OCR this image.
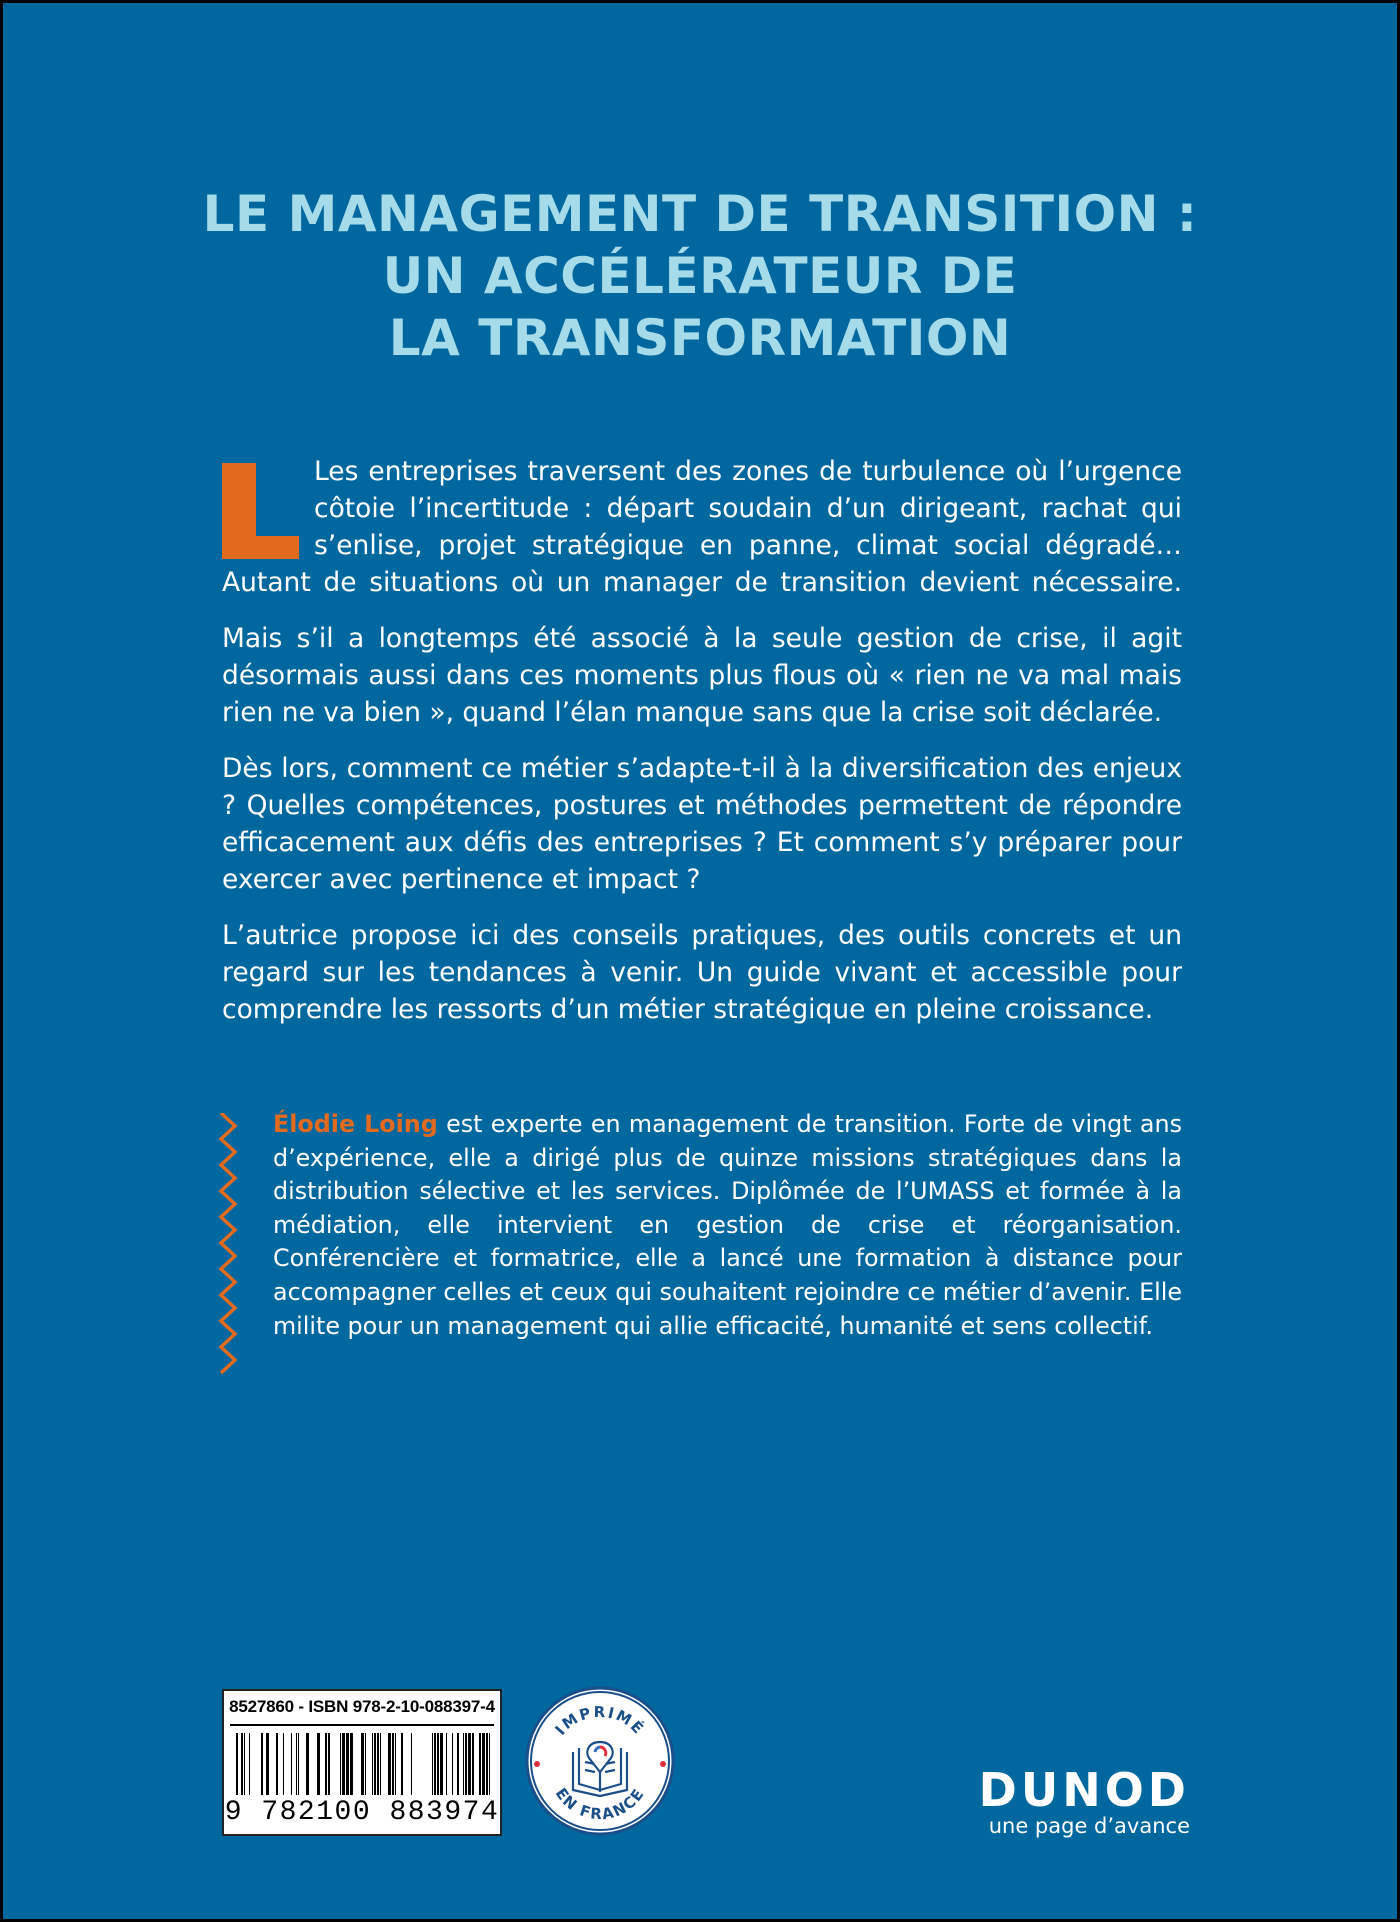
LE MANAGEMENT DE TRANSITION :
UN ACCÉLÉRATEUR DE
LA TRANSFORMATION

Les entreprises traversent des zones de turbulence où l’urgence
côtoie l’incertitude : départ soudain d’un dirigeant, rachat qui
s’enlise, projet stratégique en panne, climat social dégradé…
Autant de situations où un manager de transition devient nécessaire.

Mais s’il a longtemps été associé à la seule gestion de crise, il agit désormais aussi dans ces moments plus flous où « rien ne va mal mais rien ne va bien », quand l’élan manque sans que la crise soit déclarée.

Dès lors, comment ce métier s’adapte-t-il à la diversification des enjeux ? Quelles compétences, postures et méthodes permettent de répondre efficacement aux défis des entreprises ? Et comment s’y préparer pour exercer avec pertinence et impact ?

L’autrice propose ici des conseils pratiques, des outils concrets et un regard sur les tendances à venir. Un guide vivant et accessible pour comprendre les ressorts d’un métier stratégique en pleine croissance.

Élodie Loing est experte en management de transition. Forte de vingt ans d’expérience, elle a dirigé plus de quinze missions stratégiques dans la distribution sélective et les services. Diplômée de l’UMASS et formée à la médiation, elle intervient en gestion de crise et réorganisation. Conférencière et formatrice, elle a lancé une formation à distance pour accompagner celles et ceux qui souhaitent rejoindre ce métier d’avenir. Elle milite pour un management qui allie efficacité, humanité et sens collectif.
8527860 - ISBN 978-2-10-088397-4
9 782100 883974
IMPRIMÉ
EN FRANCE	DUNOD
une page d’avance
